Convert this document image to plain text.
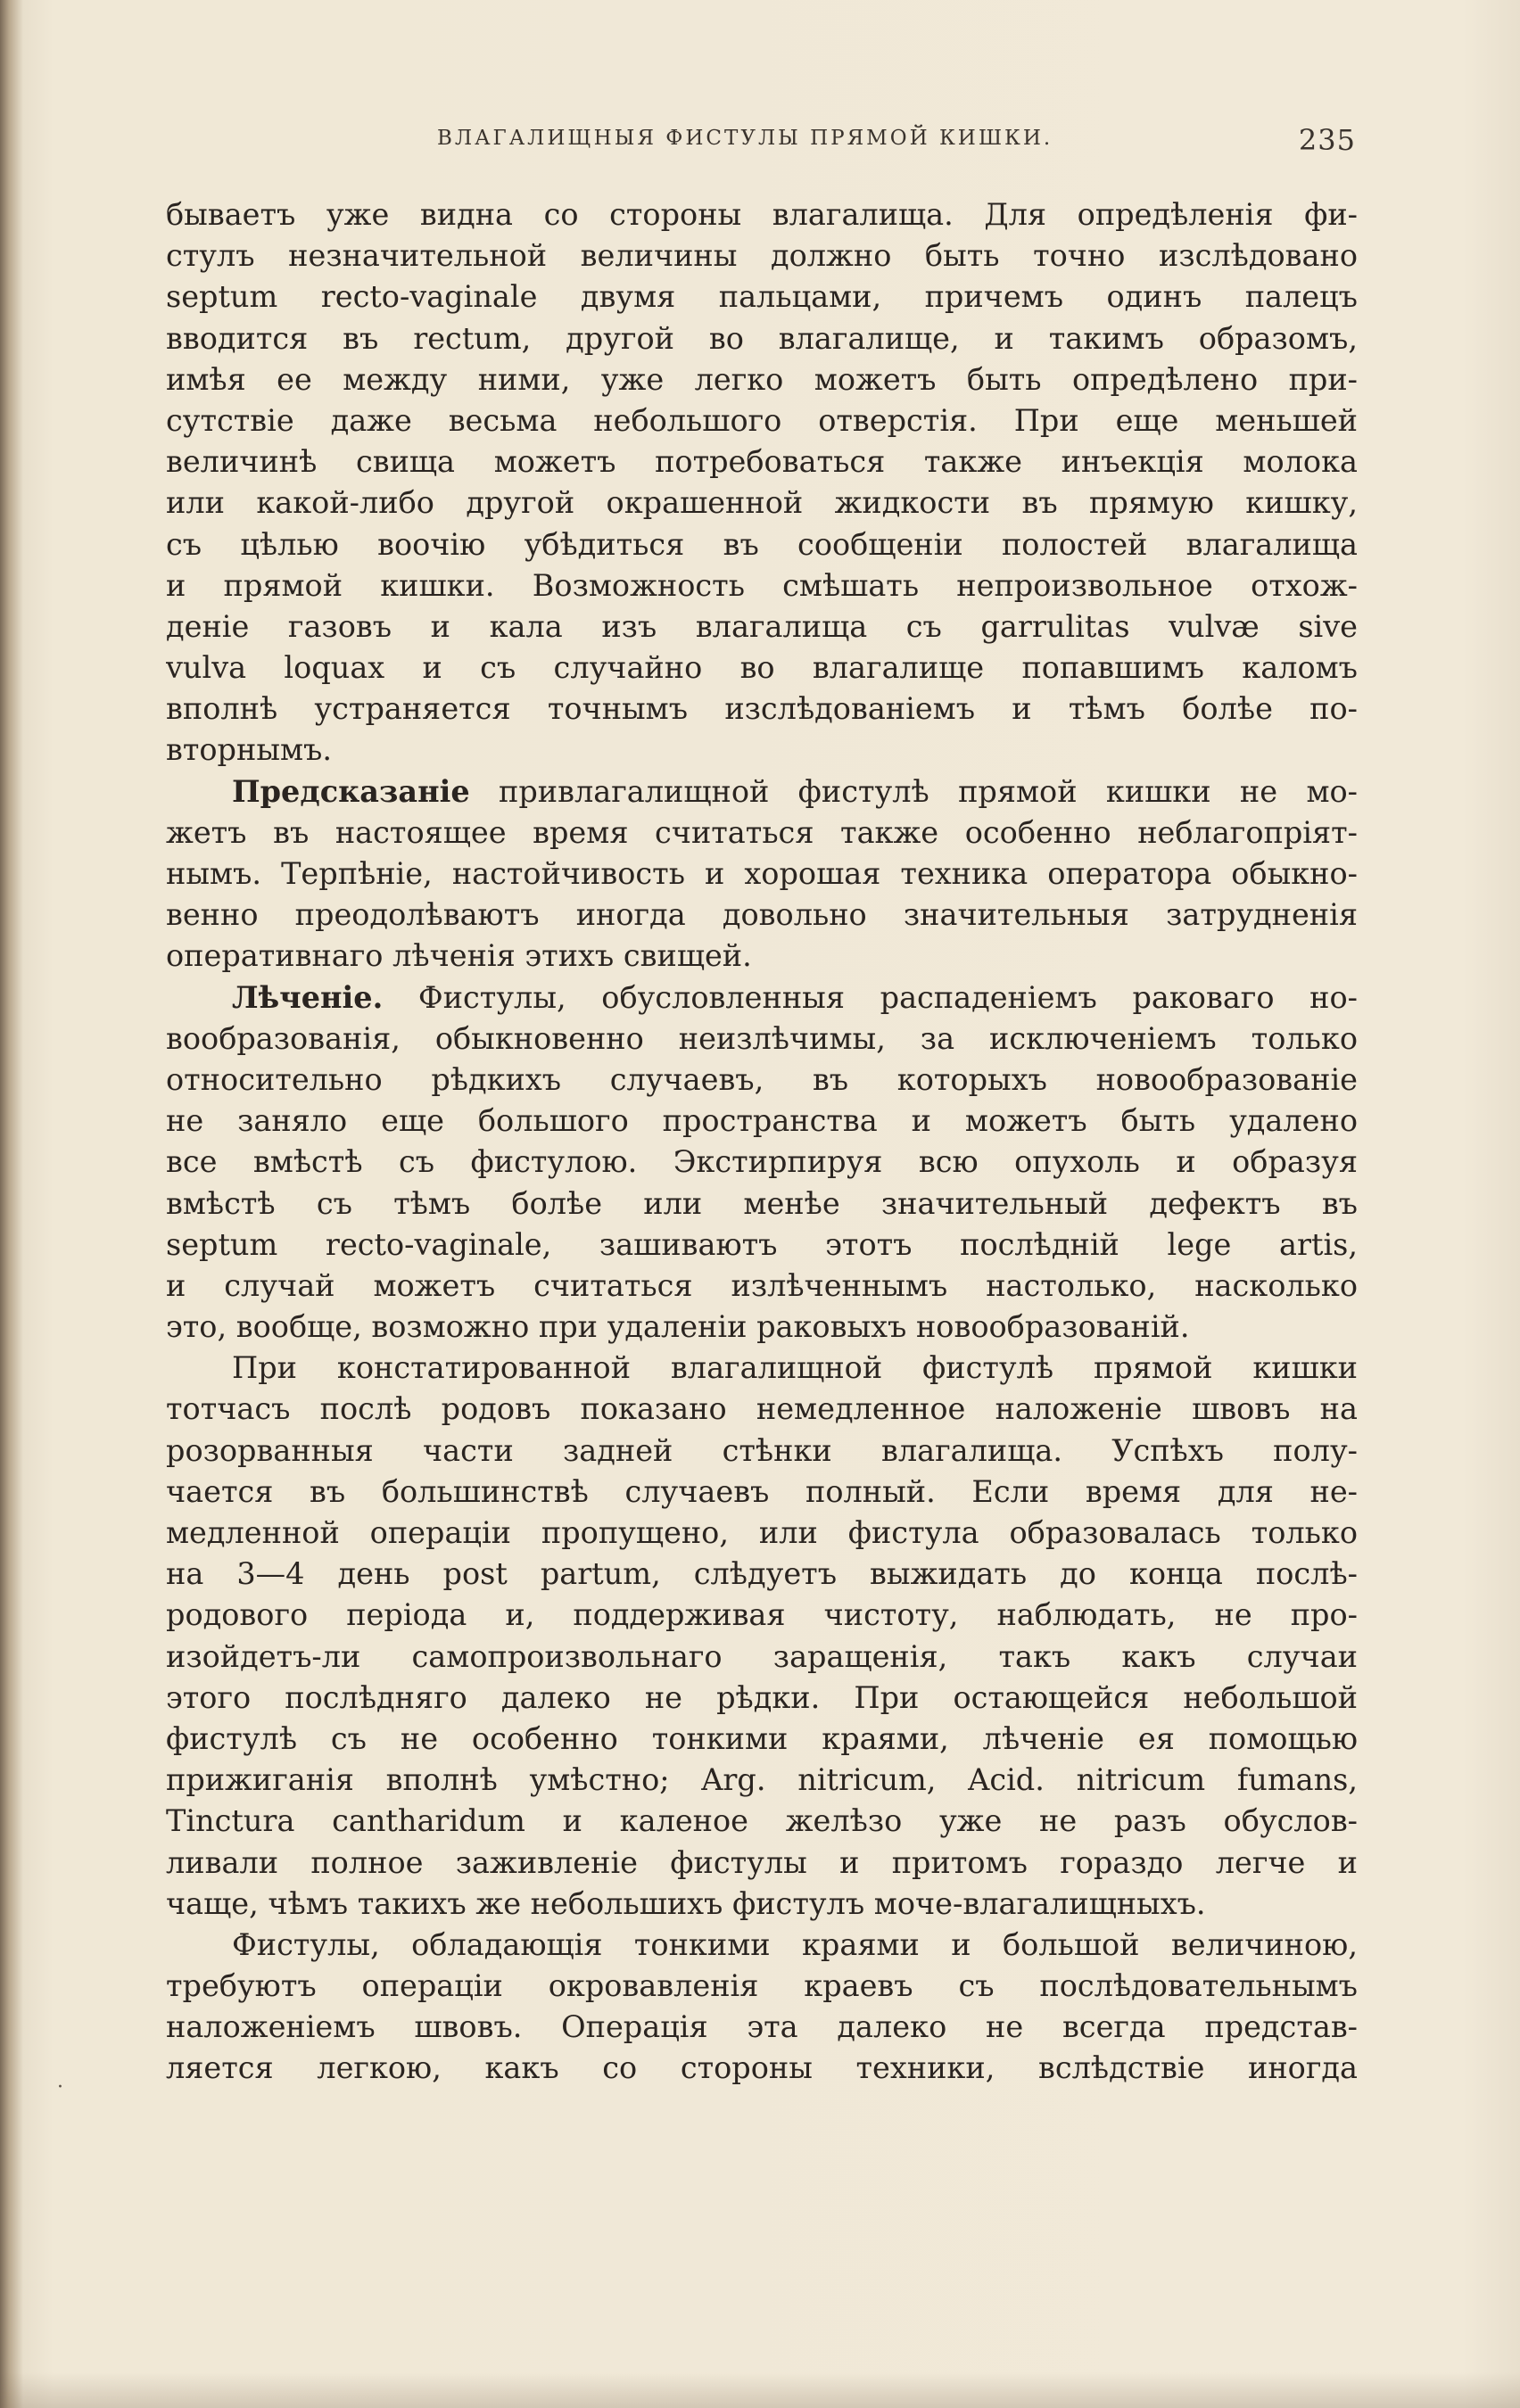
ВЛАГАЛИЩНЫЯ ФИСТУЛЫ ПРЯМОЙ КИШКИ.	235
бываетъ уже видна со стороны влагалища. Для опредѣленія фи-
стулъ незначительной величины должно быть точно изслѣдовано
septum recto-vaginale двумя пальцами, причемъ одинъ палецъ
вводится въ rectum, другой во влагалище, и такимъ образомъ,
имѣя ее между ними, уже легко можетъ быть опредѣлено при-
сутствіе даже весьма небольшого отверстія. При еще меньшей
величинѣ свища можетъ потребоваться также инъекція молока
или какой-либо другой окрашенной жидкости въ прямую кишку,
съ цѣлью воочію убѣдиться въ сообщеніи полостей влагалища
и прямой кишки. Возможность смѣшать непроизвольное отхож-
деніе газовъ и кала изъ влагалища съ garrulitas vulvæ sive
vulva loquax и съ случайно во влагалище попавшимъ каломъ
вполнѣ устраняется точнымъ изслѣдованіемъ и тѣмъ болѣе по-
вторнымъ.
Предсказаніе привлагалищной фистулѣ прямой кишки не мо-
жетъ въ настоящее время считаться также особенно неблагопріят-
нымъ. Терпѣніе, настойчивость и хорошая техника оператора обыкно-
венно преодолѣваютъ иногда довольно значительныя затрудненія
оперативнаго лѣченія этихъ свищей.
Лѣченіе. Фистулы, обусловленныя распаденіемъ раковаго но-
вообразованія, обыкновенно неизлѣчимы, за исключеніемъ только
относительно рѣдкихъ случаевъ, въ которыхъ новообразованіе
не заняло еще большого пространства и можетъ быть удалено
все вмѣстѣ съ фистулою. Экстирпируя всю опухоль и образуя
вмѣстѣ съ тѣмъ болѣе или менѣе значительный дефектъ въ
septum recto-vaginale, зашиваютъ этотъ послѣдній lege artis,
и случай можетъ считаться излѣченнымъ настолько, насколько
это, вообще, возможно при удаленіи раковыхъ новообразованій.
При констатированной влагалищной фистулѣ прямой кишки
тотчасъ послѣ родовъ показано немедленное наложеніе швовъ на
розорванныя части задней стѣнки влагалища. Успѣхъ полу-
чается въ большинствѣ случаевъ полный. Если время для не-
медленной операціи пропущено, или фистула образовалась только
на 3—4 день post partum, слѣдуетъ выжидать до конца послѣ-
родового періода и, поддерживая чистоту, наблюдать, не про-
изойдетъ-ли самопроизвольнаго заращенія, такъ какъ случаи
этого послѣдняго далеко не рѣдки. При остающейся небольшой
фистулѣ съ не особенно тонкими краями, лѣченіе ея помощью
прижиганія вполнѣ умѣстно; Arg. nitricum, Acid. nitricum fumans,
Tinctura cantharidum и каленое желѣзо уже не разъ обуслов-
ливали полное заживленіе фистулы и притомъ гораздо легче и
чаще, чѣмъ такихъ же небольшихъ фистулъ моче-влагалищныхъ.
Фистулы, обладающія тонкими краями и большой величиною,
требуютъ операціи окровавленія краевъ съ послѣдовательнымъ
наложеніемъ швовъ. Операція эта далеко не всегда представ-
ляется легкою, какъ со стороны техники, вслѣдствіе иногда
·
